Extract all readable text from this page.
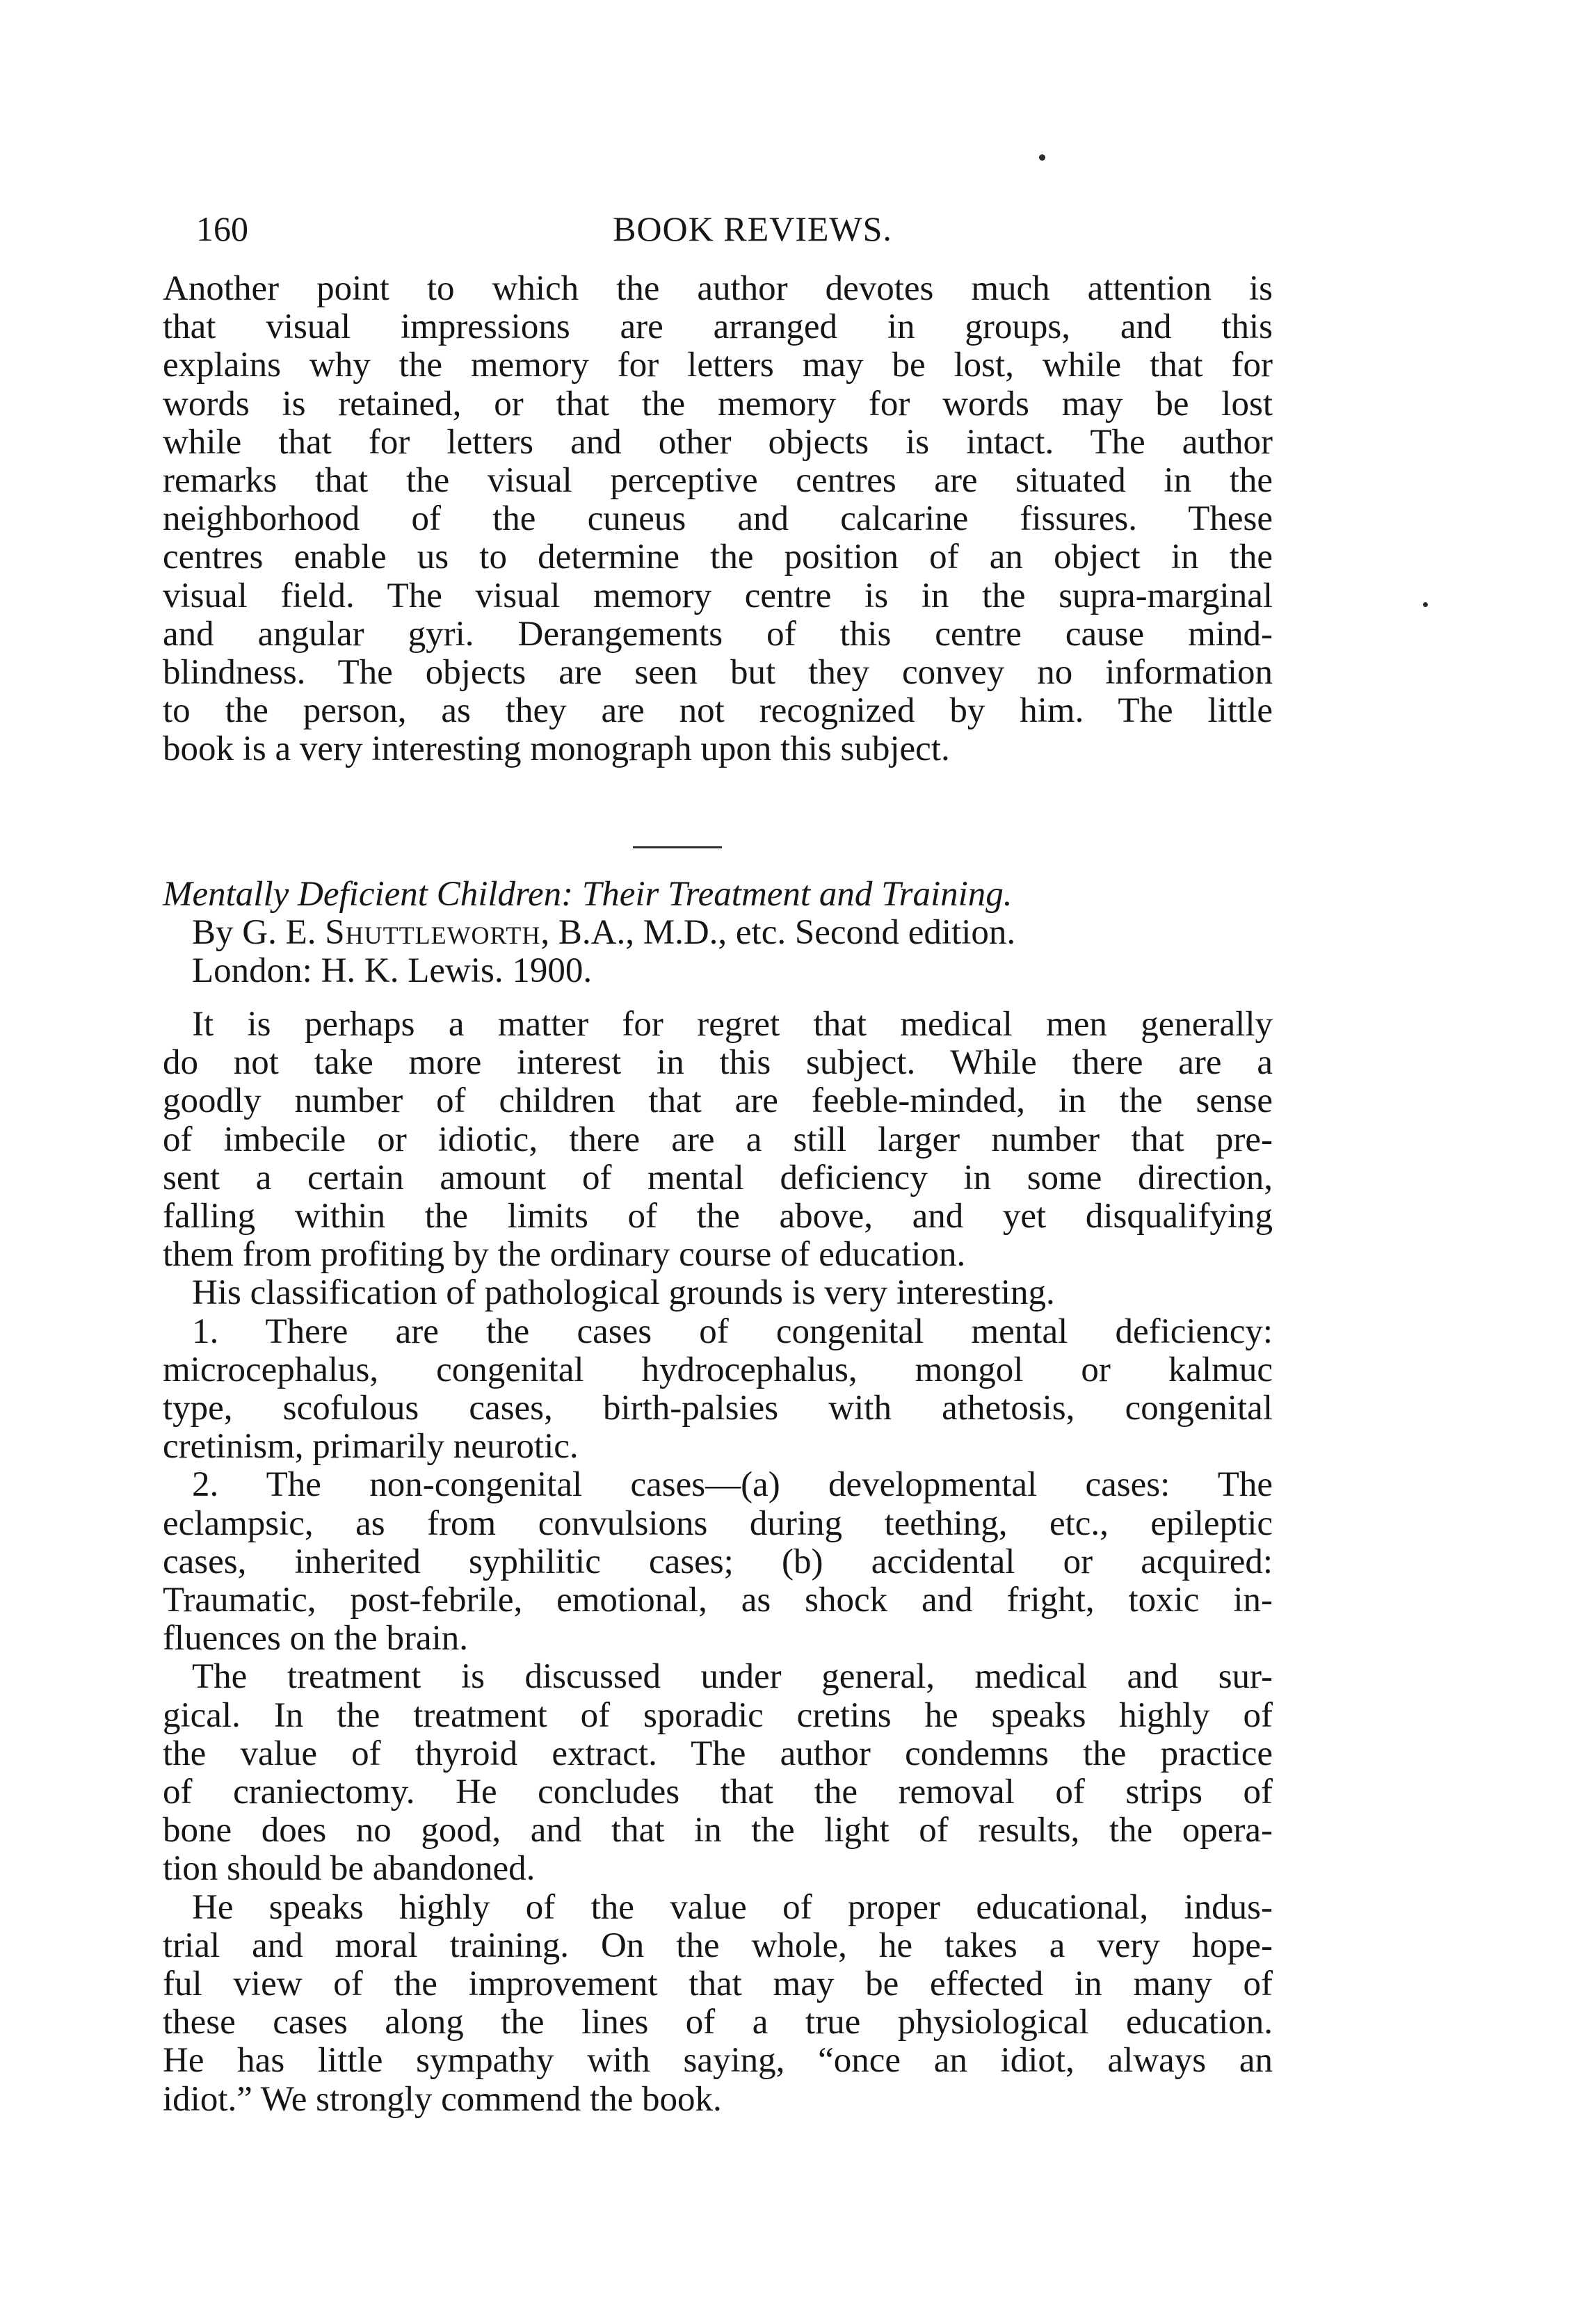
160	BOOK REVIEWS.

Another point to which the author devotes much attention is
that visual impressions are arranged in groups, and this
explains why the memory for letters may be lost, while that for
words is retained, or that the memory for words may be lost
while that for letters and other objects is intact. The author
remarks that the visual perceptive centres are situated in the
neighborhood of the cuneus and calcarine fissures. These
centres enable us to determine the position of an object in the
visual field. The visual memory centre is in the supra-marginal
and angular gyri. Derangements of this centre cause mind-
blindness. The objects are seen but they convey no information
to the person, as they are not recognized by him. The little
book is a very interesting monograph upon this subject.

Mentally Deficient Children: Their Treatment and Training.
By G. E. Shuttleworth, B.A., M.D., etc. Second edition.
London: H. K. Lewis. 1900.

It is perhaps a matter for regret that medical men generally
do not take more interest in this subject. While there are a
goodly number of children that are feeble-minded, in the sense
of imbecile or idiotic, there are a still larger number that pre-
sent a certain amount of mental deficiency in some direction,
falling within the limits of the above, and yet disqualifying
them from profiting by the ordinary course of education.

His classification of pathological grounds is very interesting.

1. There are the cases of congenital mental deficiency:
microcephalus, congenital hydrocephalus, mongol or kalmuc
type, scofulous cases, birth-palsies with athetosis, congenital
cretinism, primarily neurotic.

2. The non-congenital cases—(a) developmental cases: The
eclampsic, as from convulsions during teething, etc., epileptic
cases, inherited syphilitic cases; (b) accidental or acquired:
Traumatic, post-febrile, emotional, as shock and fright, toxic in-
fluences on the brain.

The treatment is discussed under general, medical and sur-
gical. In the treatment of sporadic cretins he speaks highly of
the value of thyroid extract. The author condemns the practice
of craniectomy. He concludes that the removal of strips of
bone does no good, and that in the light of results, the opera-
tion should be abandoned.

He speaks highly of the value of proper educational, indus-
trial and moral training. On the whole, he takes a very hope-
ful view of the improvement that may be effected in many of
these cases along the lines of a true physiological education.
He has little sympathy with saying, “once an idiot, always an
idiot.” We strongly commend the book.
